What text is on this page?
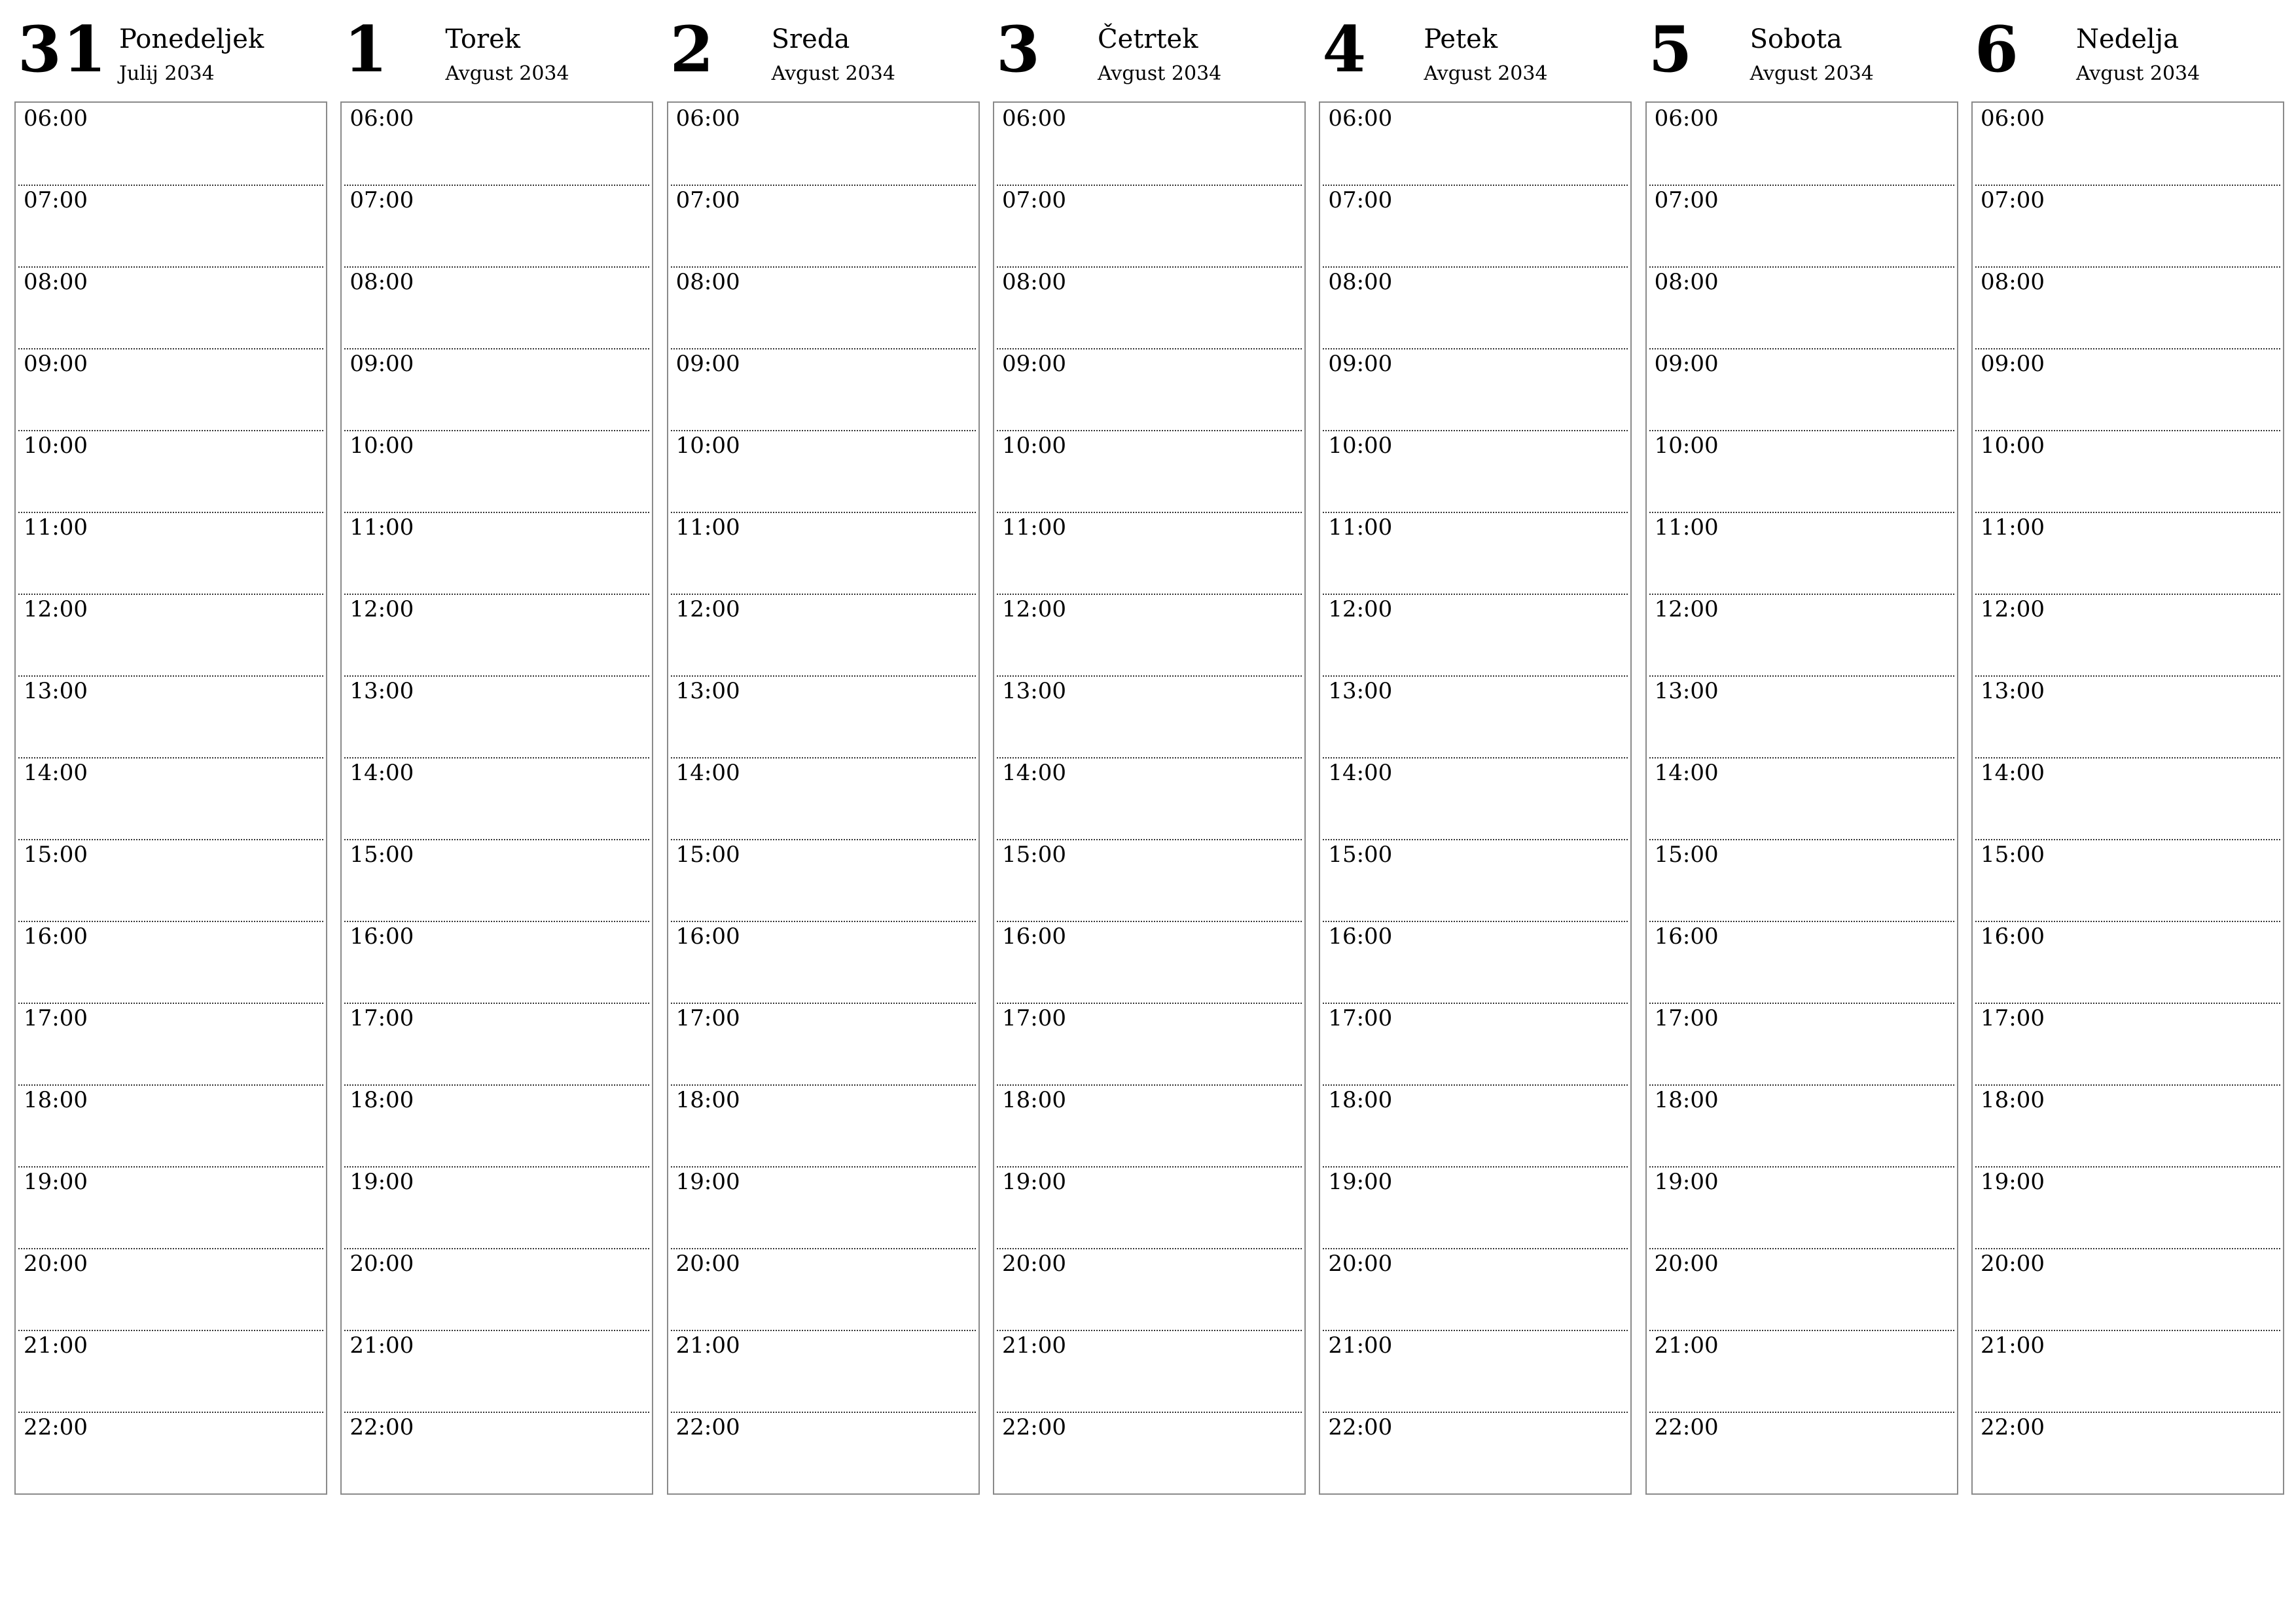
31 Ponedeljek
Julij 2034
06:00
07:00
08:00
09:00
10:00
11:00
12:00
13:00
14:00
15:00
16:00
17:00
18:00
19:00
20:00
21:00
22:00
1 Torek
Avgust 2034
06:00
07:00
08:00
09:00
10:00
11:00
12:00
13:00
14:00
15:00
16:00
17:00
18:00
19:00
20:00
21:00
22:00
2 Sreda
Avgust 2034
06:00
07:00
08:00
09:00
10:00
11:00
12:00
13:00
14:00
15:00
16:00
17:00
18:00
19:00
20:00
21:00
22:00
3 Četrtek
Avgust 2034
06:00
07:00
08:00
09:00
10:00
11:00
12:00
13:00
14:00
15:00
16:00
17:00
18:00
19:00
20:00
21:00
22:00
4 Petek
Avgust 2034
06:00
07:00
08:00
09:00
10:00
11:00
12:00
13:00
14:00
15:00
16:00
17:00
18:00
19:00
20:00
21:00
22:00
5 Sobota
Avgust 2034
06:00
07:00
08:00
09:00
10:00
11:00
12:00
13:00
14:00
15:00
16:00
17:00
18:00
19:00
20:00
21:00
22:00
6 Nedelja
Avgust 2034
06:00
07:00
08:00
09:00
10:00
11:00
12:00
13:00
14:00
15:00
16:00
17:00
18:00
19:00
20:00
21:00
22:00
